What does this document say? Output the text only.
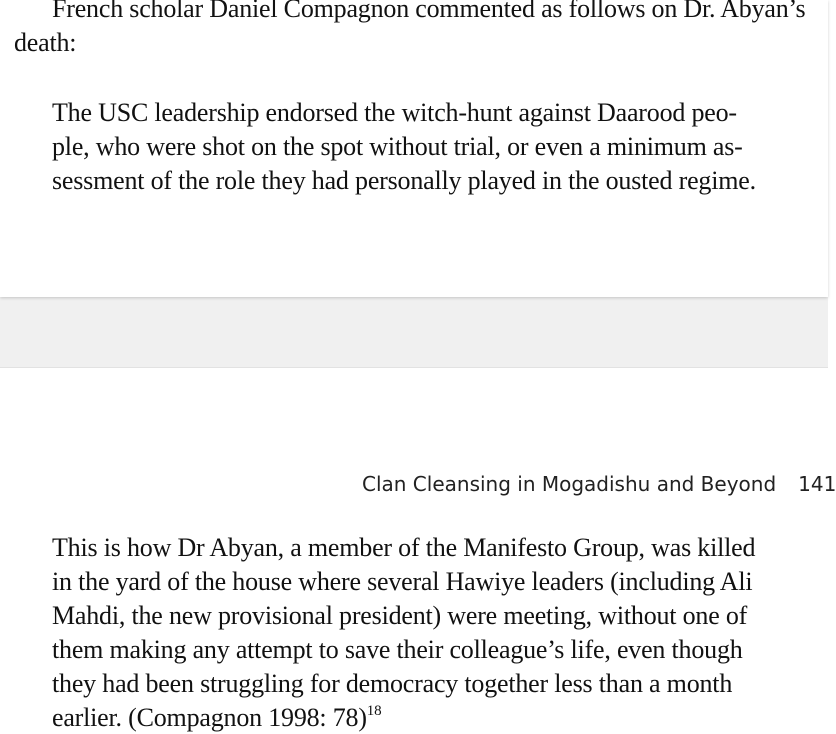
French scholar Daniel Compagnon commented as follows on Dr. Abyan’s
death:
The USC leadership endorsed the witch-hunt against Daarood peo-
ple, who were shot on the spot without trial, or even a minimum as-
sessment of the role they had personally played in the ousted regime.
Clan Cleansing in Mogadishu and Beyond 141
This is how Dr Abyan, a member of the Manifesto Group, was killed
in the yard of the house where several Hawiye leaders (including Ali
Mahdi, the new provisional president) were meeting, without one of
them making any attempt to save their colleague’s life, even though
they had been struggling for democracy together less than a month
earlier. (Compagnon 1998: 78)$^{18}$
